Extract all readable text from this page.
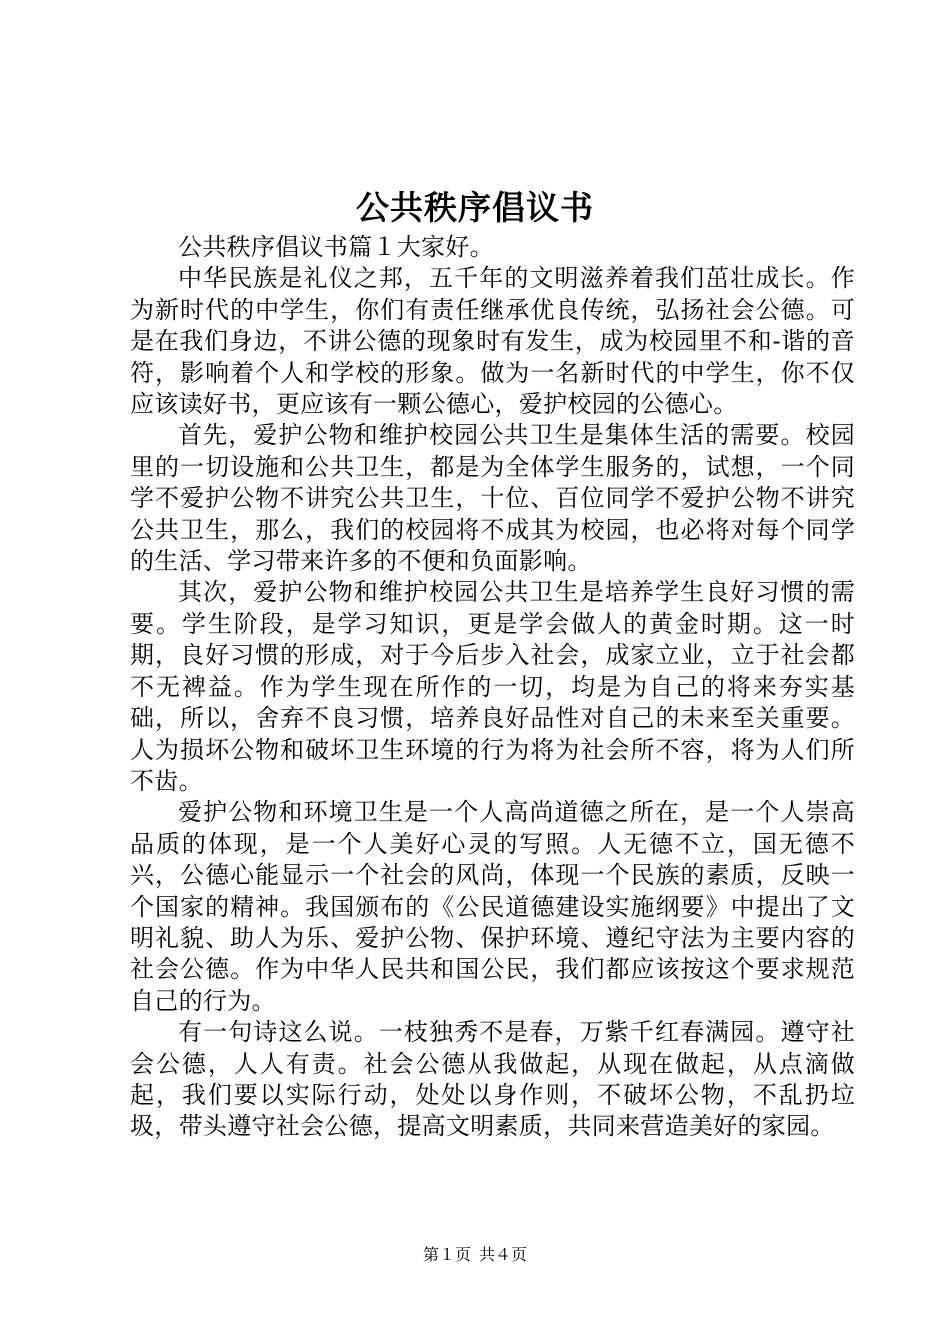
公共秩序倡议书

公共秩序倡议书篇１大家好。

中华民族是礼仪之邦，五千年的文明滋养着我们茁壮成长。作为新时代的中学生，你们有责任继承优良传统，弘扬社会公德。可是在我们身边，不讲公德的现象时有发生，成为校园里不和-谐的音符，影响着个人和学校的形象。做为一名新时代的中学生，你不仅应该读好书，更应该有一颗公德心，爱护校园的公德心。

首先，爱护公物和维护校园公共卫生是集体生活的需要。校园里的一切设施和公共卫生，都是为全体学生服务的，试想，一个同学不爱护公物不讲究公共卫生，十位、百位同学不爱护公物不讲究公共卫生，那么，我们的校园将不成其为校园，也必将对每个同学的生活、学习带来许多的不便和负面影响。

其次，爱护公物和维护校园公共卫生是培养学生良好习惯的需要。学生阶段，是学习知识，更是学会做人的黄金时期。这一时期，良好习惯的形成，对于今后步入社会，成家立业，立于社会都不无裨益。作为学生现在所作的一切，均是为自己的将来夯实基础，所以，舍弃不良习惯，培养良好品性对自己的未来至关重要。人为损坏公物和破坏卫生环境的行为将为社会所不容，将为人们所不齿。

爱护公物和环境卫生是一个人高尚道德之所在，是一个人崇高品质的体现，是一个人美好心灵的写照。人无德不立，国无德不兴，公德心能显示一个社会的风尚，体现一个民族的素质，反映一个国家的精神。我国颁布的《公民道德建设实施纲要》中提出了文明礼貌、助人为乐、爱护公物、保护环境、遵纪守法为主要内容的社会公德。作为中华人民共和国公民，我们都应该按这个要求规范自己的行为。

有一句诗这么说。一枝独秀不是春，万紫千红春满园。遵守社会公德，人人有责。社会公德从我做起，从现在做起，从点滴做起，我们要以实际行动，处处以身作则，不破坏公物，不乱扔垃圾，带头遵守社会公德，提高文明素质，共同来营造美好的家园。

第１页 共４页
